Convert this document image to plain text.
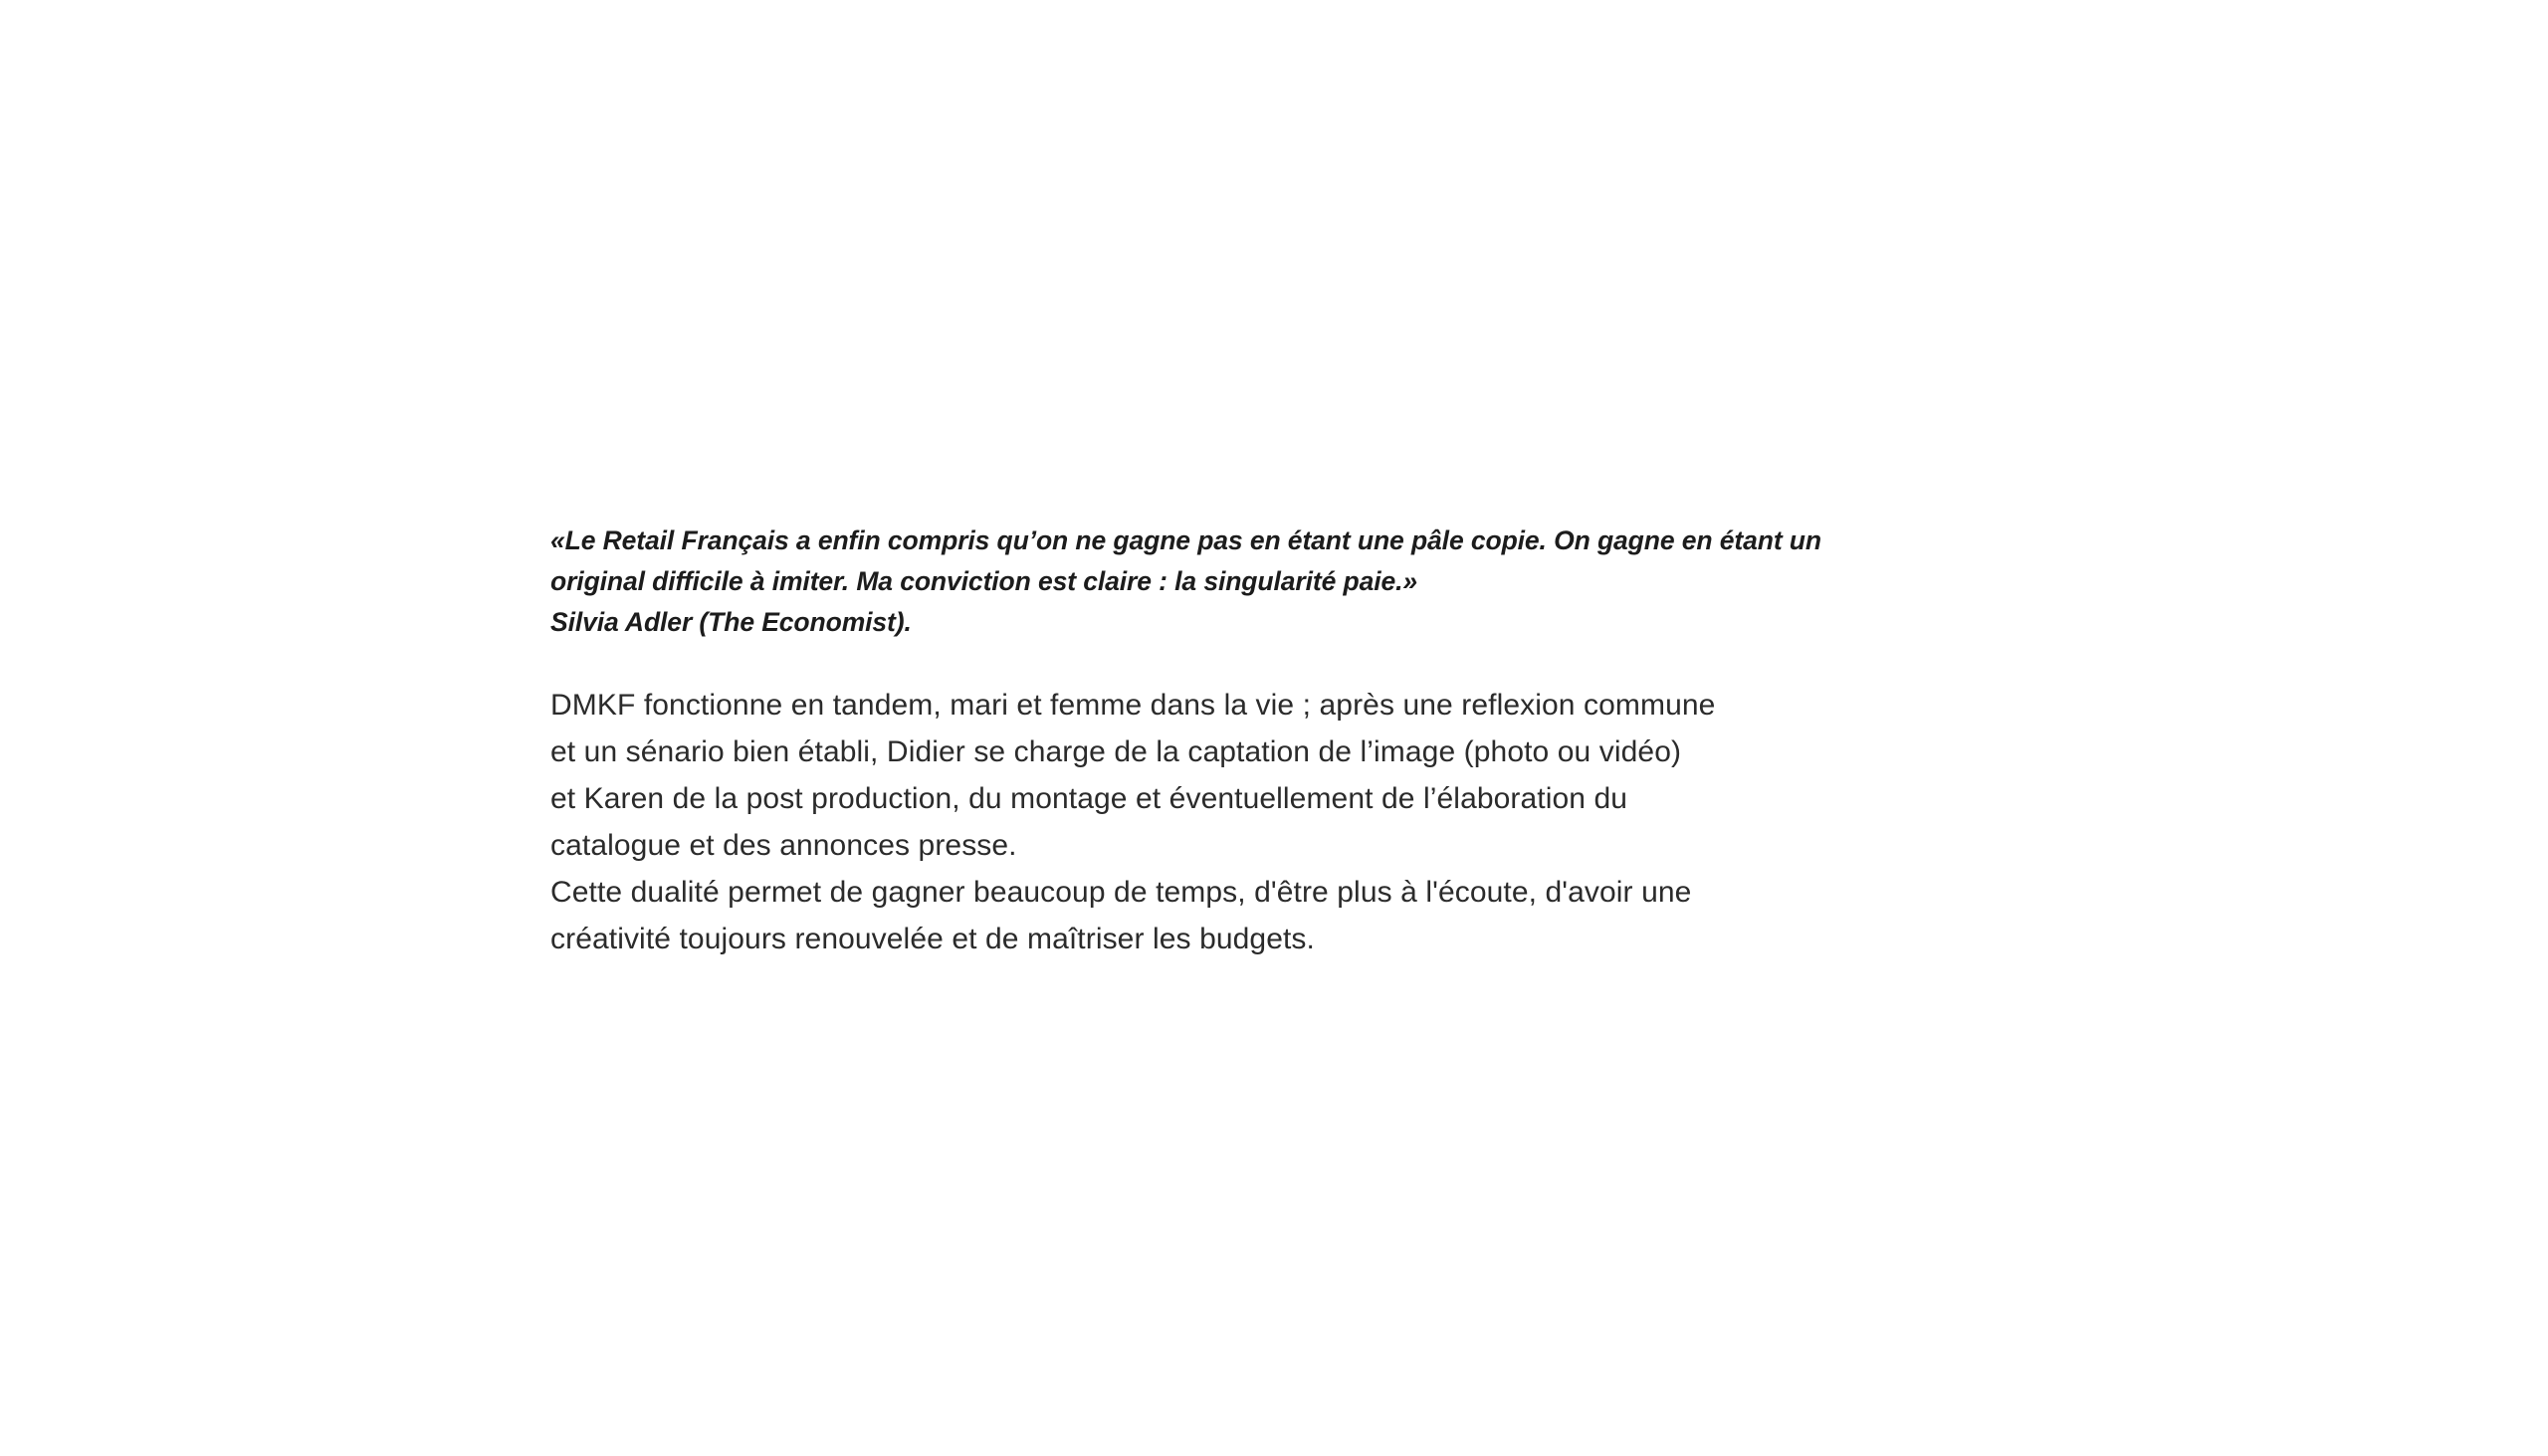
«Le Retail Français a enfin compris qu’on ne gagne pas en étant une pâle copie. On gagne en étant un

original difficile à imiter. Ma conviction est claire : la singularité paie.»

Silvia Adler (The Economist).

DMKF fonctionne en tandem, mari et femme dans la vie ; après une reflexion commune

et un sénario bien établi, Didier se charge de la captation de l’image (photo ou vidéo)

et Karen de la post production, du montage et éventuellement de l’élaboration du

catalogue et des annonces presse.

Cette dualité permet de gagner beaucoup de temps, d'être plus à l'écoute, d'avoir une

créativité toujours renouvelée et de maîtriser les budgets.
